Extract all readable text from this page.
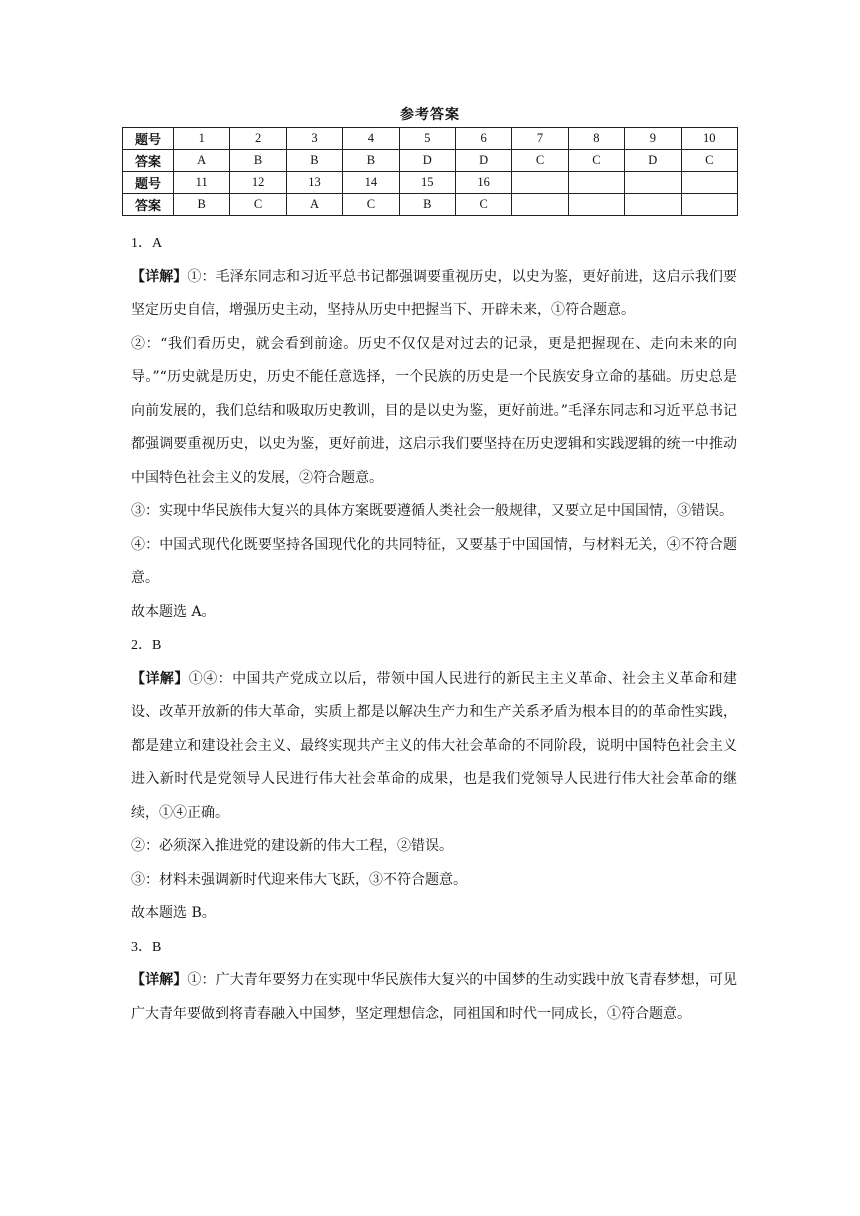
参考答案
题号	1	2	3	4	5	6	7	8	9	10
答案	A	B	B	B	D	D	C	C	D	C
题号	11	12	13	14	15	16				
答案	B	C	A	C	B	C				

1．A

【详解】①：毛泽东同志和习近平总书记都强调要重视历史，以史为鉴，更好前进，这启示我们要坚定历史自信，增强历史主动，坚持从历史中把握当下、开辟未来，①符合题意。

②：“我们看历史，就会看到前途。历史不仅仅是对过去的记录，更是把握现在、走向未来的向导。”“历史就是历史，历史不能任意选择，一个民族的历史是一个民族安身立命的基础。历史总是向前发展的，我们总结和吸取历史教训，目的是以史为鉴，更好前进。”毛泽东同志和习近平总书记都强调要重视历史，以史为鉴，更好前进，这启示我们要坚持在历史逻辑和实践逻辑的统一中推动中国特色社会主义的发展，②符合题意。

③：实现中华民族伟大复兴的具体方案既要遵循人类社会一般规律，又要立足中国国情，③错误。

④：中国式现代化既要坚持各国现代化的共同特征，又要基于中国国情，与材料无关，④不符合题意。

故本题选 A。

2．B

【详解】①④：中国共产党成立以后，带领中国人民进行的新民主主义革命、社会主义革命和建设、改革开放新的伟大革命，实质上都是以解决生产力和生产关系矛盾为根本目的的革命性实践，都是建立和建设社会主义、最终实现共产主义的伟大社会革命的不同阶段，说明中国特色社会主义进入新时代是党领导人民进行伟大社会革命的成果，也是我们党领导人民进行伟大社会革命的继续，①④正确。

②：必须深入推进党的建设新的伟大工程，②错误。

③：材料未强调新时代迎来伟大飞跃，③不符合题意。

故本题选 B。

3．B

【详解】①：广大青年要努力在实现中华民族伟大复兴的中国梦的生动实践中放飞青春梦想，可见广大青年要做到将青春融入中国梦，坚定理想信念，同祖国和时代一同成长，①符合题意。
